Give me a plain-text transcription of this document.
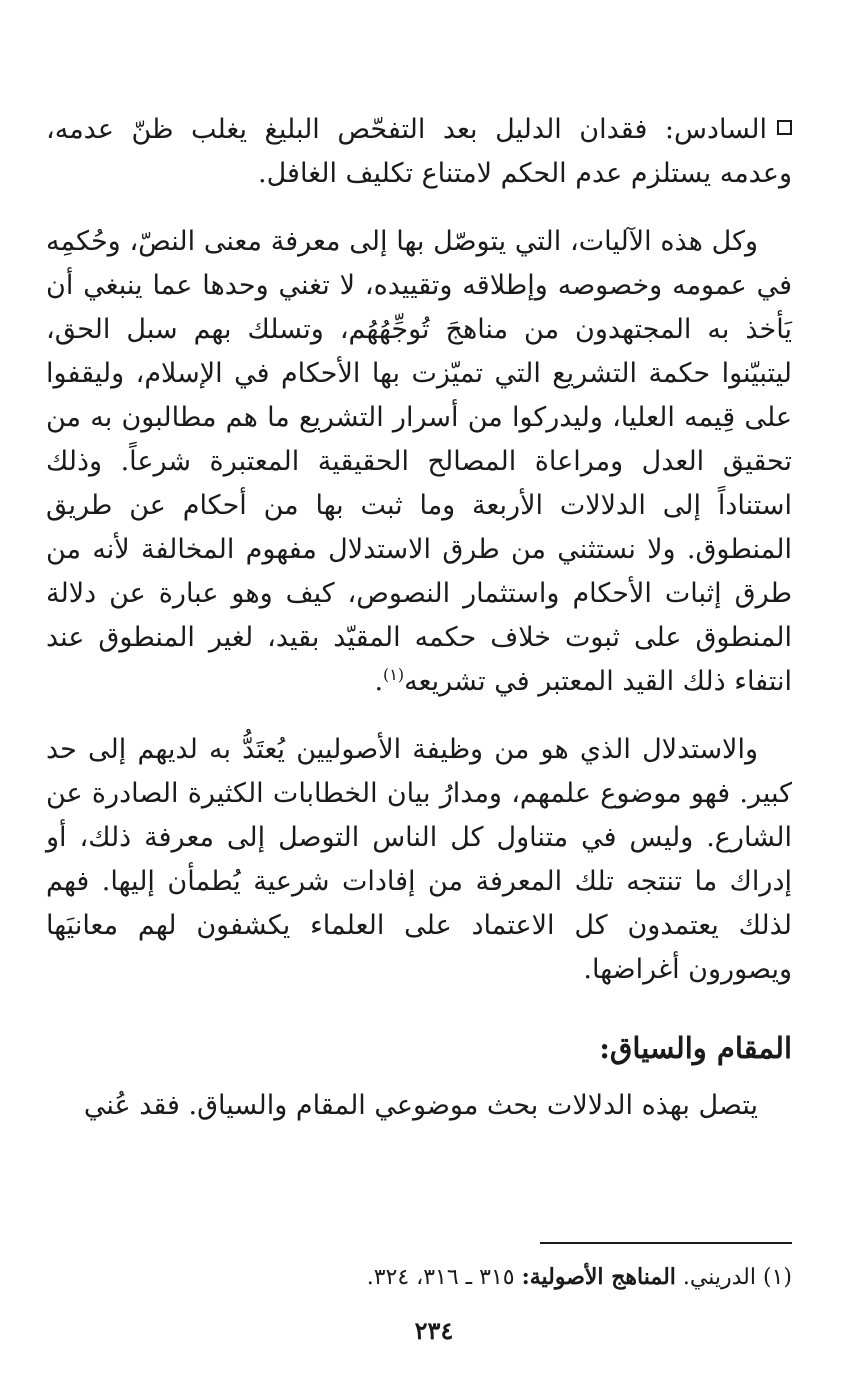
السادس: فقدان الدليل بعد التفحّص البليغ يغلب ظنّ عدمه، وعدمه يستلزم عدم الحكم لامتناع تكليف الغافل.

وكل هذه الآليات، التي يتوصّل بها إلى معرفة معنى النصّ، وحُكمِه في عمومه وخصوصه وإطلاقه وتقييده، لا تغني وحدها عما ينبغي أن يَأخذ به المجتهدون من مناهجَ تُوجِّهُهُم، وتسلك بهم سبل الحق، ليتبيّنوا حكمة التشريع التي تميّزت بها الأحكام في الإسلام، وليقفوا على قِيمه العليا، وليدركوا من أسرار التشريع ما هم مطالبون به من تحقيق العدل ومراعاة المصالح الحقيقية المعتبرة شرعاً. وذلك استناداً إلى الدلالات الأربعة وما ثبت بها من أحكام عن طريق المنطوق. ولا نستثني من طرق الاستدلال مفهوم المخالفة لأنه من طرق إثبات الأحكام واستثمار النصوص، كيف وهو عبارة عن دلالة المنطوق على ثبوت خلاف حكمه المقيّد بقيد، لغير المنطوق عند انتفاء ذلك القيد المعتبر في تشريعه$^{(١)}$.

والاستدلال الذي هو من وظيفة الأصوليين يُعتَدُّ به لديهم إلى حد كبير. فهو موضوع علمهم، ومدارُ بيان الخطابات الكثيرة الصادرة عن الشارع. وليس في متناول كل الناس التوصل إلى معرفة ذلك، أو إدراك ما تنتجه تلك المعرفة من إفادات شرعية يُطمأن إليها. فهم لذلك يعتمدون كل الاعتماد على العلماء يكشفون لهم معانيَها ويصورون أغراضها.

المقام والسياق:

يتصل بهذه الدلالات بحث موضوعي المقام والسياق. فقد عُني

(١) الدريني. المناهج الأصولية: ٣١٥ ـ ٣١٦، ٣٢٤.
٢٣٤
